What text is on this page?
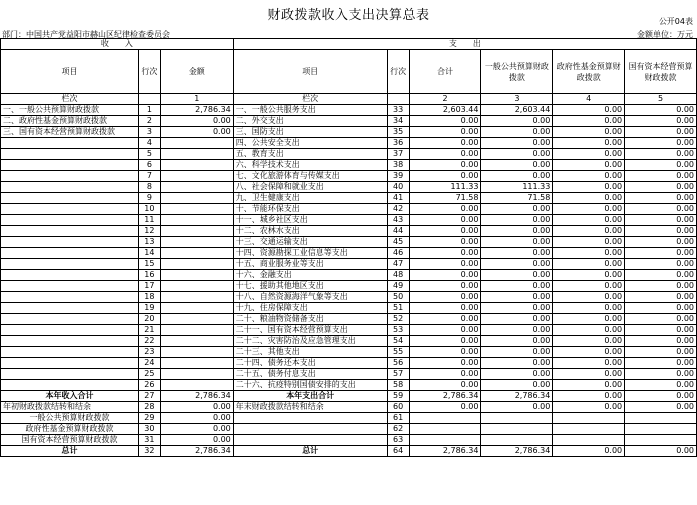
财政拨款收入支出决算总表	公开04表
部门：中国共产党益阳市赫山区纪律检查委员会	金额单位：万元
收　　入			支　　出					
项目	行次	金额	项目	行次	合计	一般公共预算财政拨款	政府性基金预算财政拨款	国有资本经营预算财政拨款
栏次		1	栏次		2	3	4	5
一、一般公共预算财政拨款	1	2,786.34	一、一般公共服务支出	33	2,603.44	2,603.44	0.00	0.00
二、政府性基金预算财政拨款	2	0.00	二、外交支出	34	0.00	0.00	0.00	0.00
三、国有资本经营预算财政拨款	3	0.00	三、国防支出	35	0.00	0.00	0.00	0.00
	4		四、公共安全支出	36	0.00	0.00	0.00	0.00
	5		五、教育支出	37	0.00	0.00	0.00	0.00
	6		六、科学技术支出	38	0.00	0.00	0.00	0.00
	7		七、文化旅游体育与传媒支出	39	0.00	0.00	0.00	0.00
	8		八、社会保障和就业支出	40	111.33	111.33	0.00	0.00
	9		九、卫生健康支出	41	71.58	71.58	0.00	0.00
	10		十、节能环保支出	42	0.00	0.00	0.00	0.00
	11		十一、城乡社区支出	43	0.00	0.00	0.00	0.00
	12		十二、农林水支出	44	0.00	0.00	0.00	0.00
	13		十三、交通运输支出	45	0.00	0.00	0.00	0.00
	14		十四、资源勘探工业信息等支出	46	0.00	0.00	0.00	0.00
	15		十五、商业服务业等支出	47	0.00	0.00	0.00	0.00
	16		十六、金融支出	48	0.00	0.00	0.00	0.00
	17		十七、援助其他地区支出	49	0.00	0.00	0.00	0.00
	18		十八、自然资源海洋气象等支出	50	0.00	0.00	0.00	0.00
	19		十九、住房保障支出	51	0.00	0.00	0.00	0.00
	20		二十、粮油物资储备支出	52	0.00	0.00	0.00	0.00
	21		二十一、国有资本经营预算支出	53	0.00	0.00	0.00	0.00
	22		二十二、灾害防治及应急管理支出	54	0.00	0.00	0.00	0.00
	23		二十三、其他支出	55	0.00	0.00	0.00	0.00
	24		二十四、债务还本支出	56	0.00	0.00	0.00	0.00
	25		二十五、债务付息支出	57	0.00	0.00	0.00	0.00
	26		二十六、抗疫特别国债安排的支出	58	0.00	0.00	0.00	0.00
本年收入合计	27	2,786.34	本年支出合计	59	2,786.34	2,786.34	0.00	0.00
年初财政拨款结转和结余	28	0.00	年末财政拨款结转和结余	60	0.00	0.00	0.00	0.00
一般公共预算财政拨款	29	0.00		61				
政府性基金预算财政拨款	30	0.00		62				
国有资本经营预算财政拨款	31	0.00		63				
总计	32	2,786.34	总计	64	2,786.34	2,786.34	0.00	0.00
